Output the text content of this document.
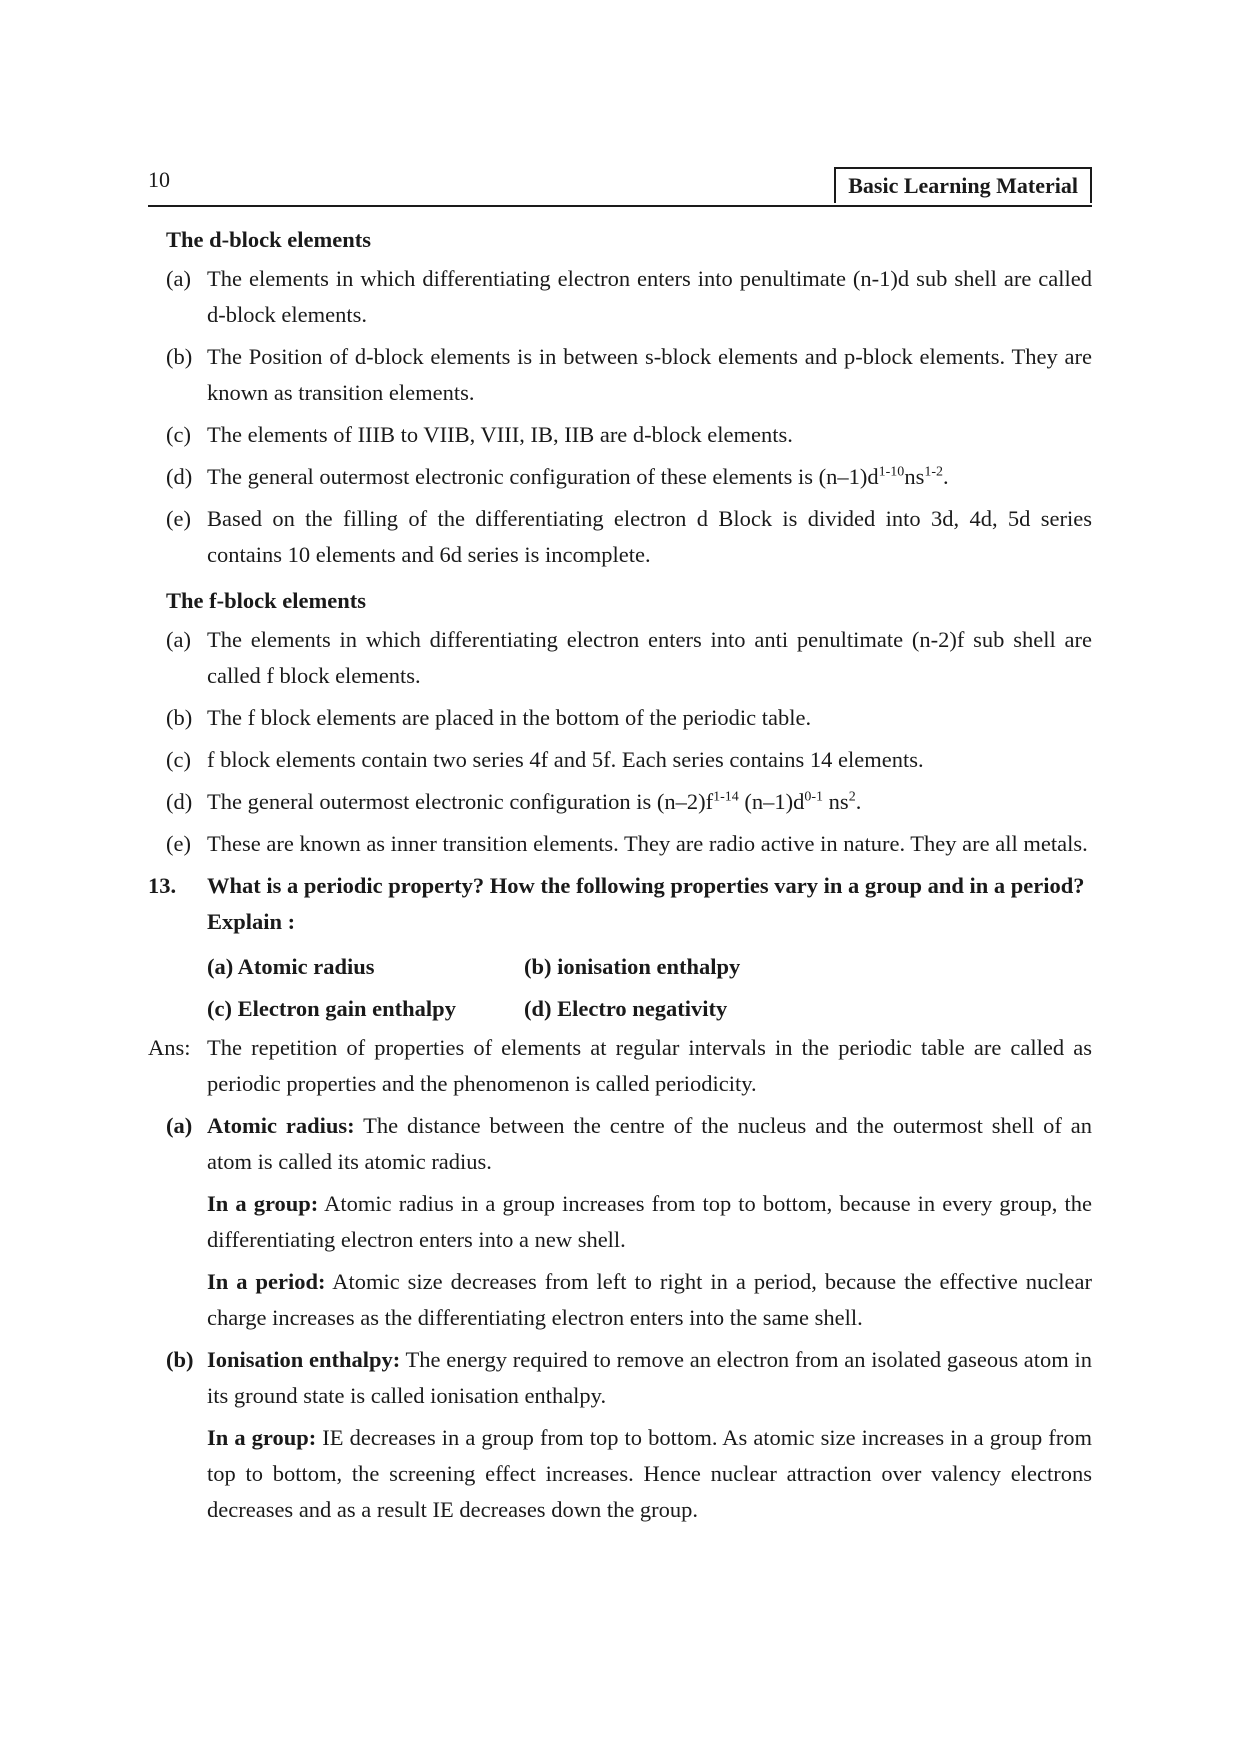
10	Basic Learning Material
The d-block elements
(a) The elements in which differentiating electron enters into penultimate (n-1)d sub shell are called d-block elements.
(b) The Position of d-block elements is in between s-block elements and p-block elements. They are known as transition elements.
(c) The elements of IIIB to VIIB, VIII, IB, IIB are d-block elements.
(d) The general outermost electronic configuration of these elements is $(n-1)d^{1-10}ns^{1-2}$.
(e) Based on the filling of the differentiating electron d Block is divided into 3d, 4d, 5d series contains 10 elements and 6d series is incomplete.
The f-block elements
(a) The elements in which differentiating electron enters into anti penultimate (n-2)f sub shell are called f block elements.
(b) The f block elements are placed in the bottom of the periodic table.
(c) f block elements contain two series 4f and 5f. Each series contains 14 elements.
(d) The general outermost electronic configuration is $(n-2)f^{1-14}$ $(n-1)d^{0-1}$ $ns^2$.
(e) These are known as inner transition elements. They are radio active in nature. They are all metals.
13. What is a periodic property? How the following properties vary in a group and in a period? Explain :
(a) Atomic radius	(b) ionisation enthalpy
(c) Electron gain enthalpy	(d) Electro negativity
Ans: The repetition of properties of elements at regular intervals in the periodic table are called as periodic properties and the phenomenon is called periodicity.
(a) Atomic radius: The distance between the centre of the nucleus and the outermost shell of an atom is called its atomic radius.
In a group: Atomic radius in a group increases from top to bottom, because in every group, the differentiating electron enters into a new shell.
In a period: Atomic size decreases from left to right in a period, because the effective nuclear charge increases as the differentiating electron enters into the same shell.
(b) Ionisation enthalpy: The energy required to remove an electron from an isolated gaseous atom in its ground state is called ionisation enthalpy.
In a group: IE decreases in a group from top to bottom. As atomic size increases in a group from top to bottom, the screening effect increases. Hence nuclear attraction over valency electrons decreases and as a result IE decreases down the group.
